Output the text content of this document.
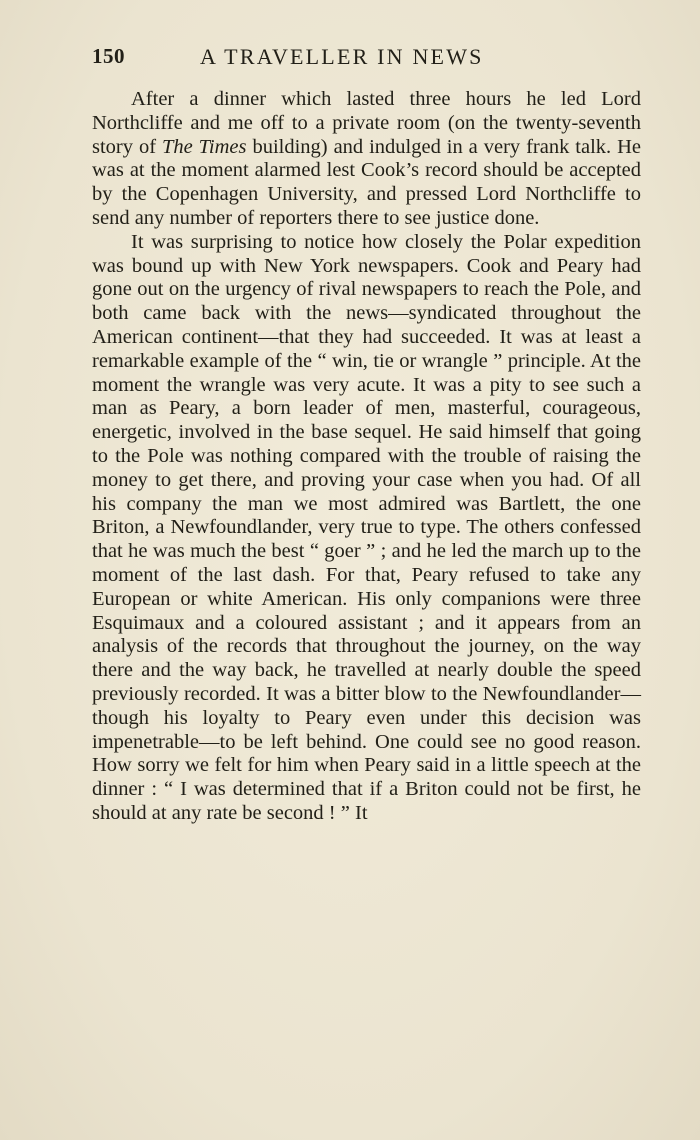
150	A TRAVELLER IN NEWS

After a dinner which lasted three hours he led Lord Northcliffe and me off to a private room (on the twenty-seventh story of The Times building) and indulged in a very frank talk. He was at the moment alarmed lest Cook’s record should be accepted by the Copenhagen University, and pressed Lord Northcliffe to send any number of reporters there to see justice done.

It was surprising to notice how closely the Polar expedition was bound up with New York newspapers. Cook and Peary had gone out on the urgency of rival newspapers to reach the Pole, and both came back with the news—syndicated throughout the American continent—that they had succeeded. It was at least a remarkable example of the “ win, tie or wrangle ” principle. At the moment the wrangle was very acute. It was a pity to see such a man as Peary, a born leader of men, masterful, courageous, energetic, involved in the base sequel. He said himself that going to the Pole was nothing compared with the trouble of raising the money to get there, and proving your case when you had. Of all his company the man we most admired was Bartlett, the one Briton, a Newfoundlander, very true to type. The others confessed that he was much the best “ goer ” ; and he led the march up to the moment of the last dash. For that, Peary refused to take any European or white American. His only companions were three Esquimaux and a coloured assistant ; and it appears from an analysis of the records that throughout the journey, on the way there and the way back, he travelled at nearly double the speed previously recorded. It was a bitter blow to the Newfoundlander—though his loyalty to Peary even under this decision was impenetrable—to be left behind. One could see no good reason. How sorry we felt for him when Peary said in a little speech at the dinner : “ I was determined that if a Briton could not be first, he should at any rate be second ! ” It
